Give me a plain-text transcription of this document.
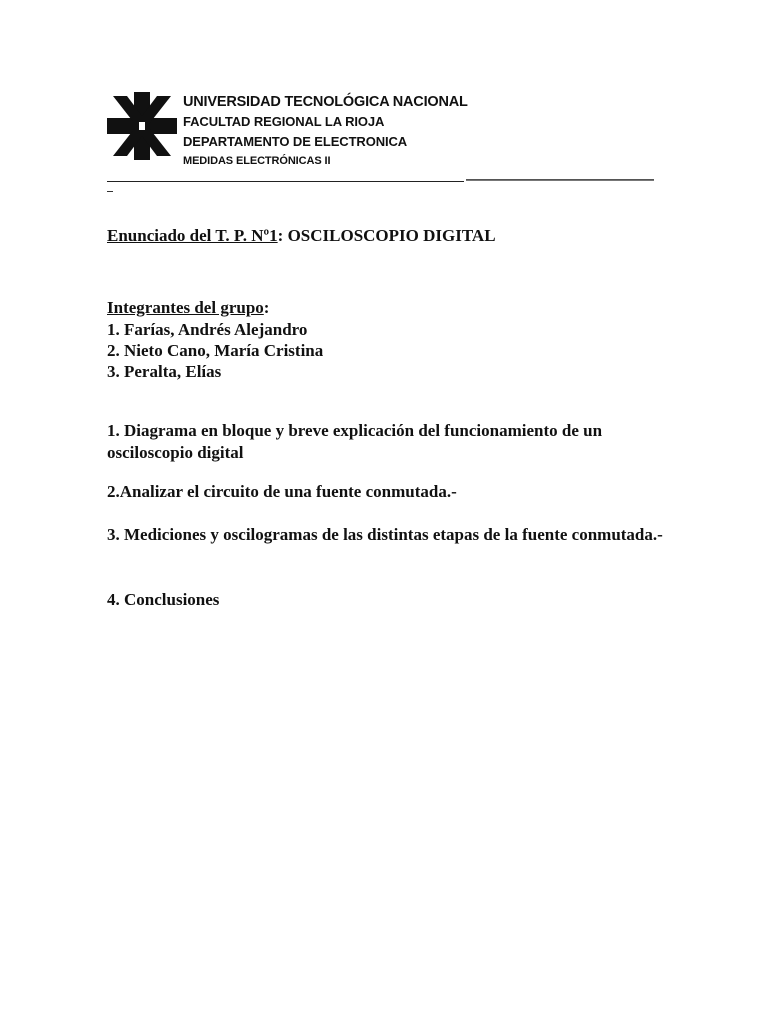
UNIVERSIDAD TECNOLÓGICA NACIONAL
FACULTAD REGIONAL LA RIOJA
DEPARTAMENTO DE ELECTRONICA
MEDIDAS ELECTRÓNICAS II
Enunciado del T. P. Nº1: OSCILOSCOPIO DIGITAL
Integrantes del grupo:
1. Farías, Andrés Alejandro
2. Nieto Cano, María Cristina
3. Peralta, Elías
1. Diagrama en bloque y breve explicación del funcionamiento de un osciloscopio digital
2.Analizar el circuito de una fuente conmutada.-
3. Mediciones y oscilogramas de las distintas etapas de la fuente conmutada.-
4. Conclusiones
